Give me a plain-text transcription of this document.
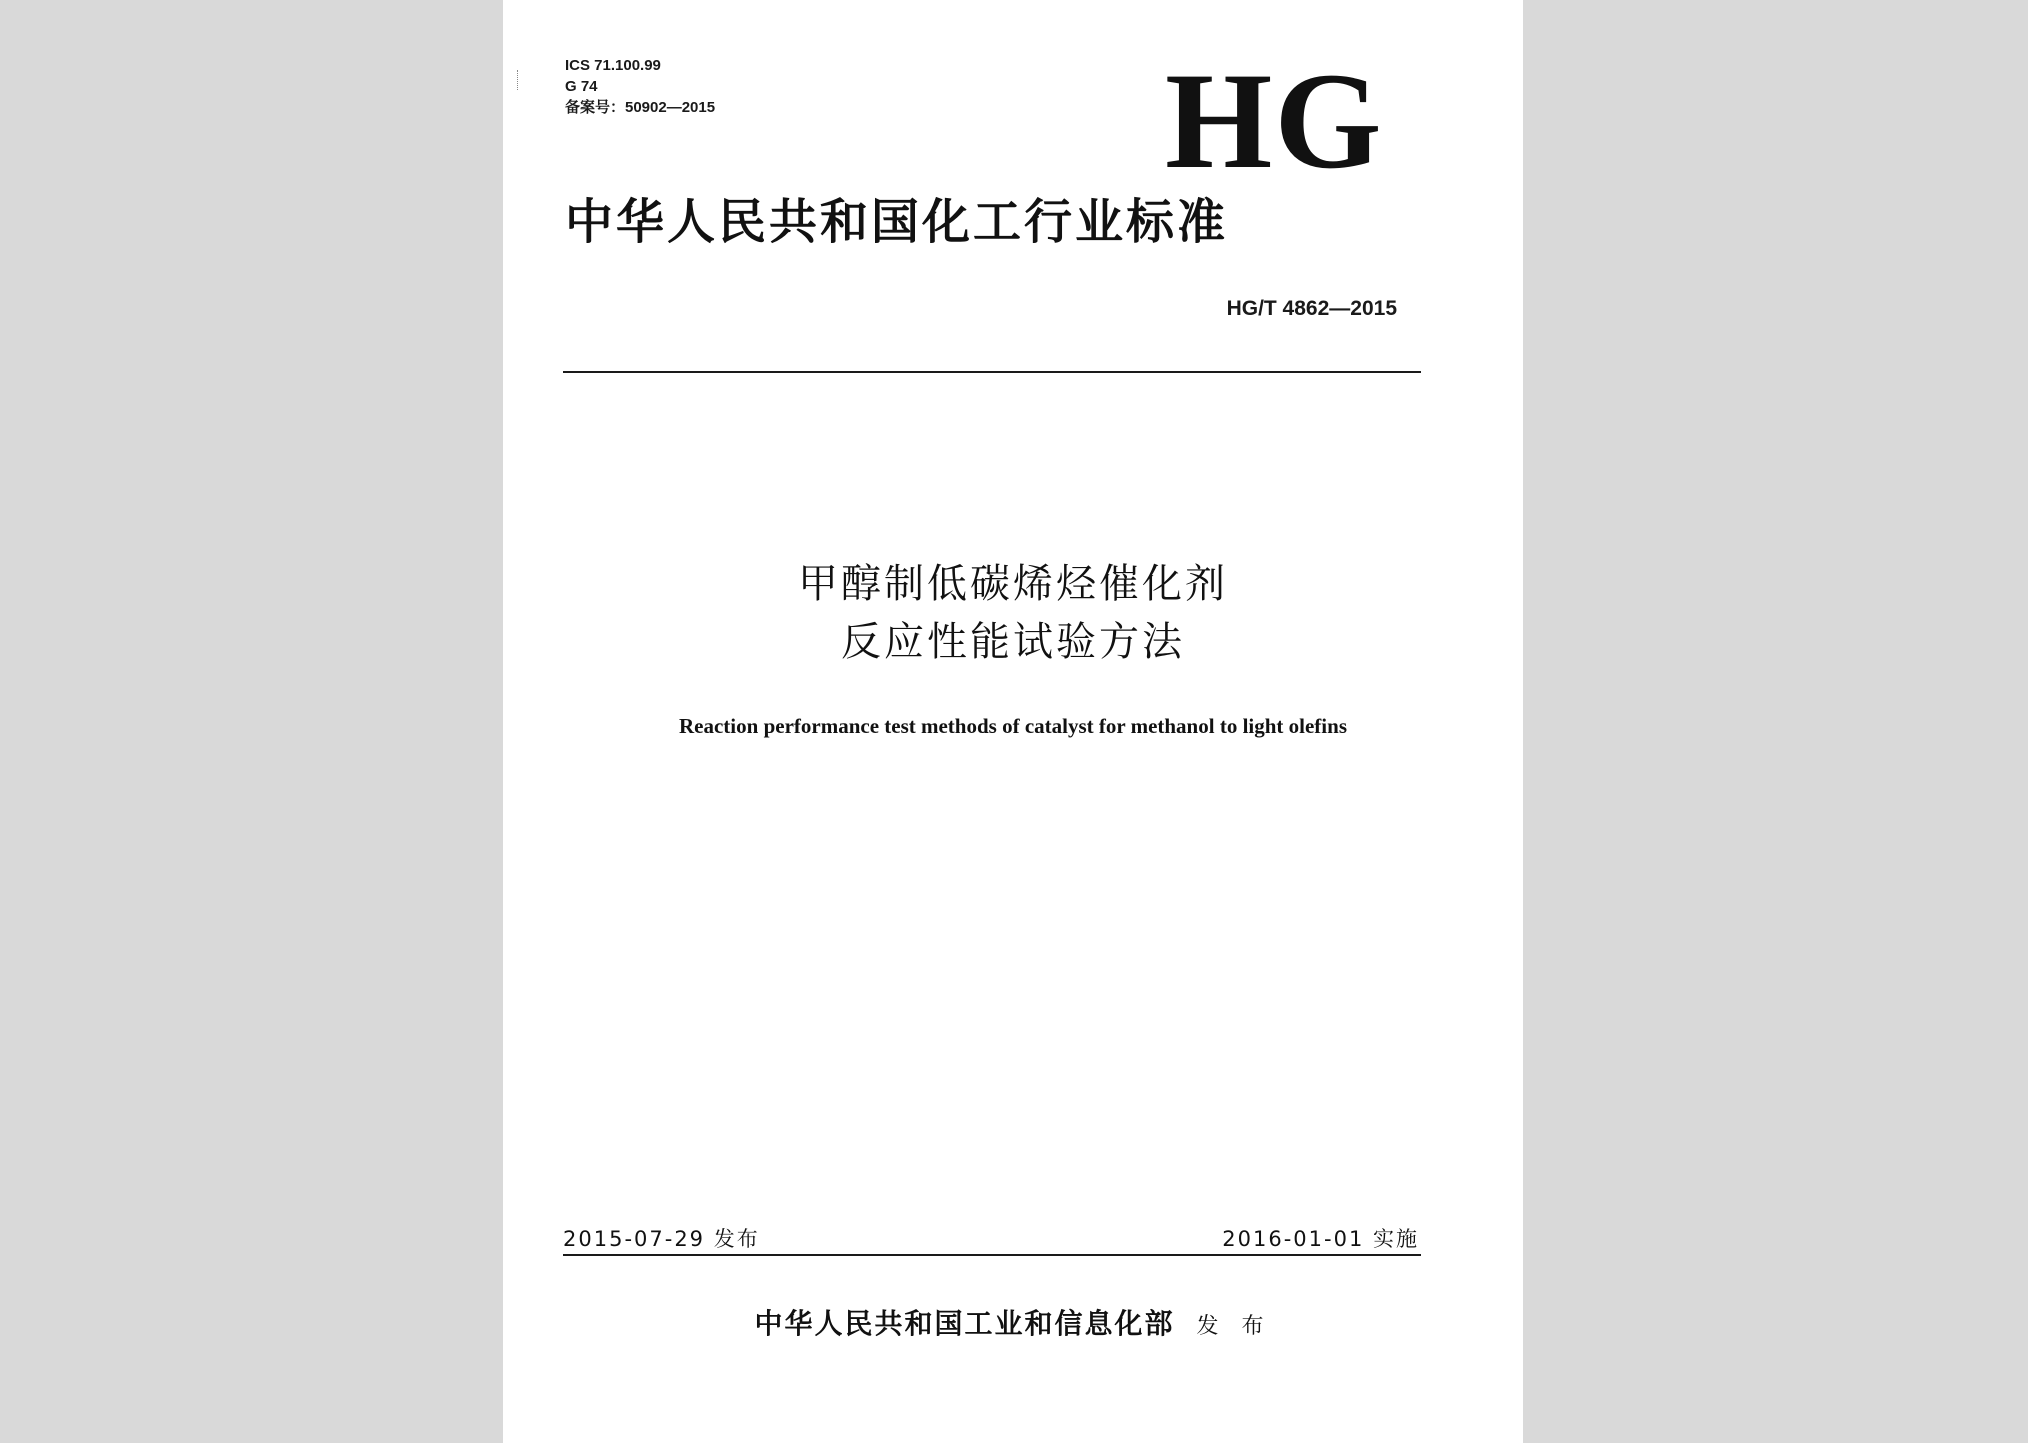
ICS 71.100.99
G 74
备案号：50902—2015	HG
中华人民共和国化工行业标准
HG/T 4862—2015
甲醇制低碳烯烃催化剂
反应性能试验方法
Reaction performance test methods of catalyst for methanol to light olefins
2015-07-29 发布	2016-01-01 实施
中华人民共和国工业和信息化部 发 布
